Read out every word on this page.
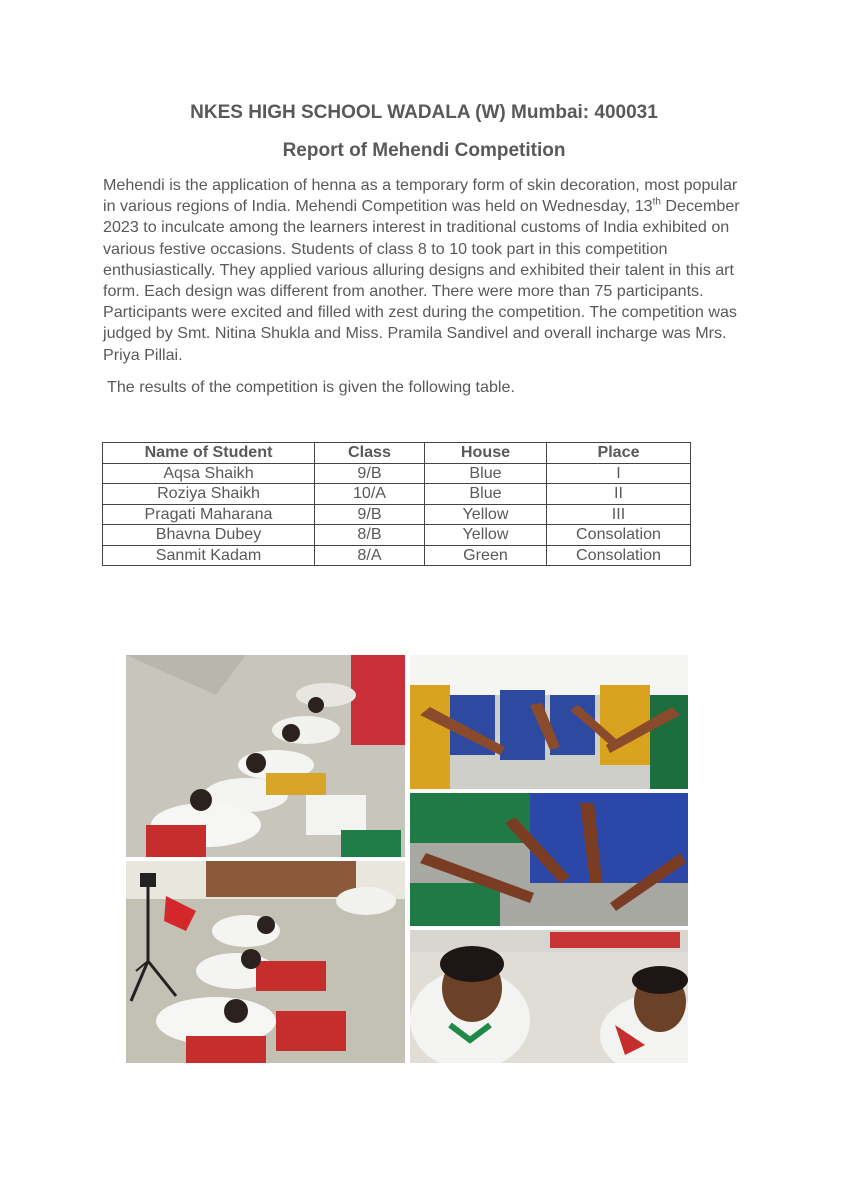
NKES HIGH SCHOOL WADALA (W) Mumbai: 400031
Report of Mehendi Competition
Mehendi is the application of henna as a temporary form of skin decoration, most popular in various regions of India. Mehendi Competition was held on Wednesday, 13th December 2023 to inculcate among the learners interest in traditional customs of India exhibited on various festive occasions. Students of class 8 to 10 took part in this competition enthusiastically. They applied various alluring designs and exhibited their talent in this art form. Each design was different from another. There were more than 75 participants. Participants were excited and filled with zest during the competition. The competition was judged by Smt. Nitina Shukla and Miss. Pramila Sandivel and overall incharge was Mrs. Priya Pillai.
The results of the competition is given the following table.
Name of Student	Class	House	Place
Aqsa Shaikh	9/B	Blue	I
Roziya Shaikh	10/A	Blue	II
Pragati Maharana	9/B	Yellow	III
Bhavna Dubey	8/B	Yellow	Consolation
Sanmit Kadam	8/A	Green	Consolation
